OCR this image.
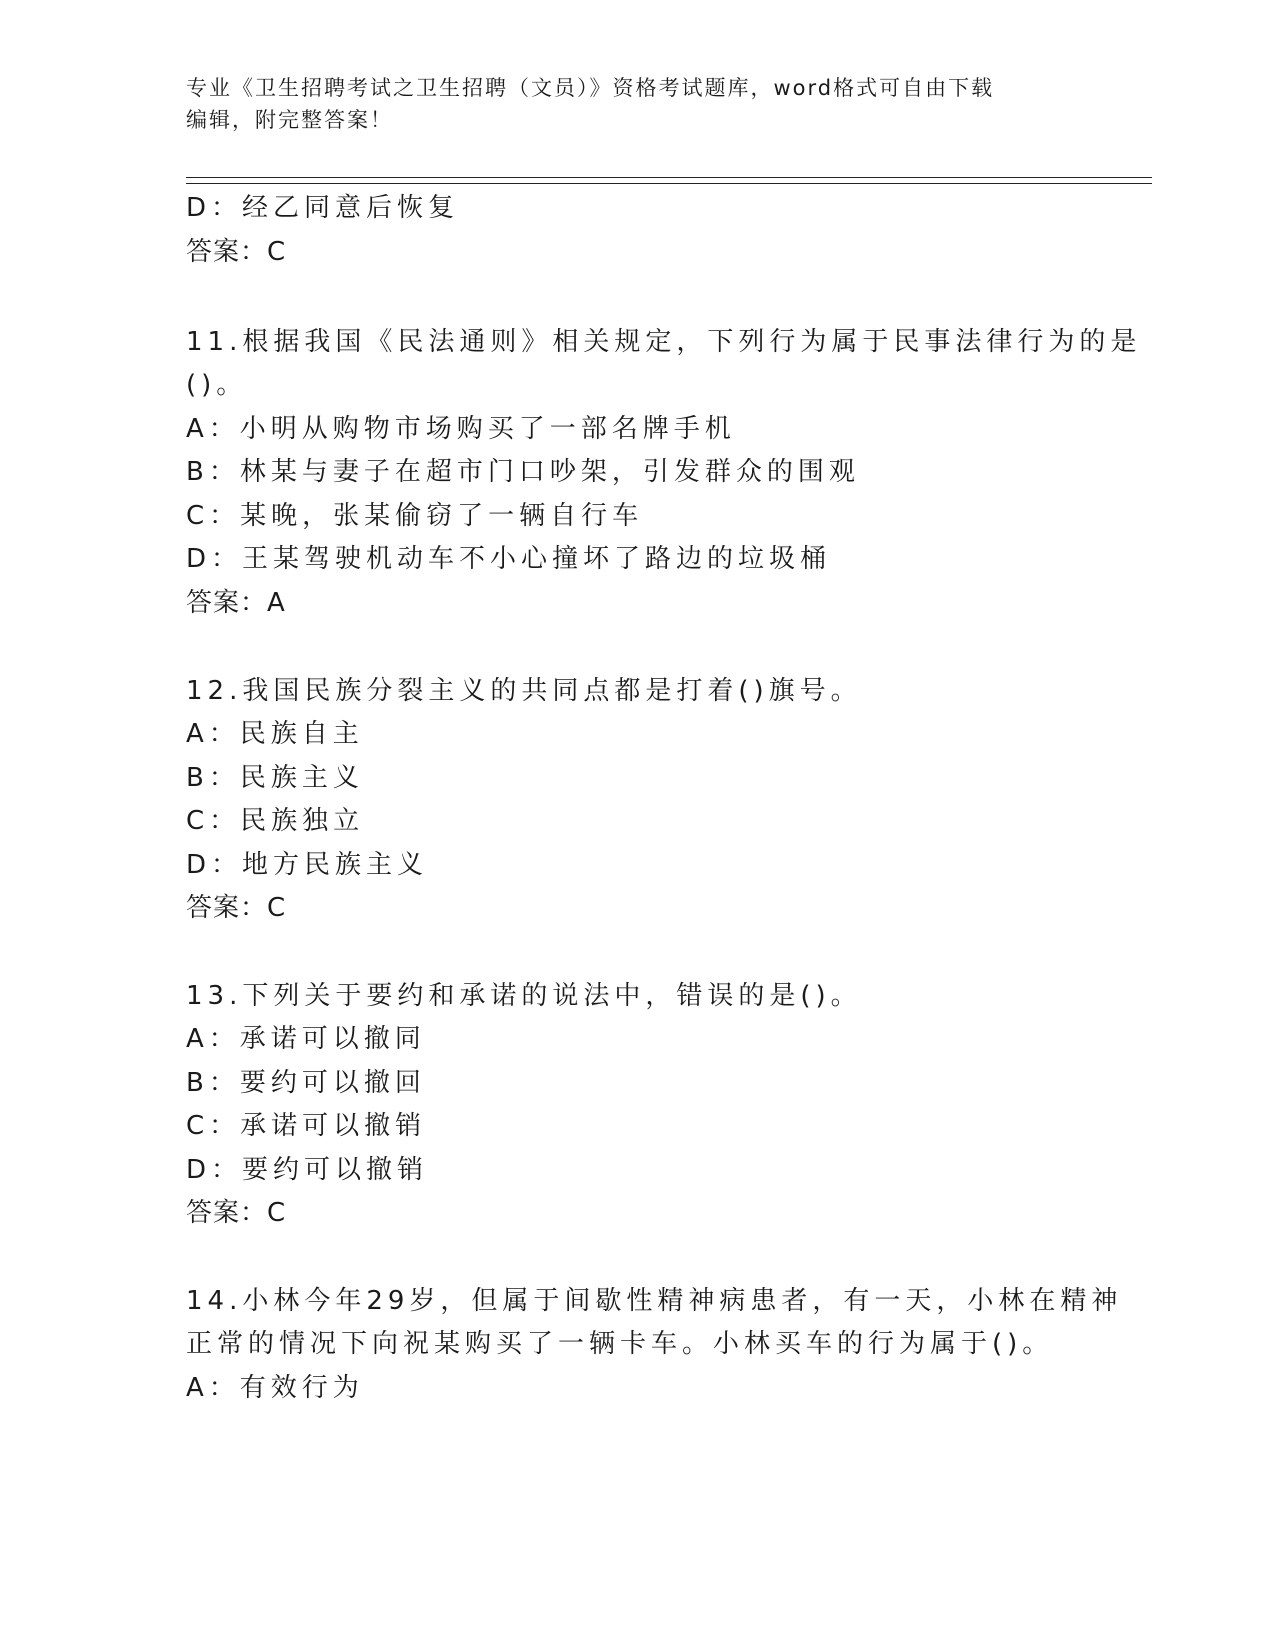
专业《卫生招聘考试之卫生招聘（文员）》资格考试题库，word格式可自由下载
编辑，附完整答案！
D：经乙同意后恢复
答案：C
11.根据我国《民法通则》相关规定，下列行为属于民事法律行为的是
()。
A：小明从购物市场购买了一部名牌手机
B：林某与妻子在超市门口吵架，引发群众的围观
C：某晚，张某偷窃了一辆自行车
D：王某驾驶机动车不小心撞坏了路边的垃圾桶
答案：A
12.我国民族分裂主义的共同点都是打着()旗号。
A：民族自主
B：民族主义
C：民族独立
D：地方民族主义
答案：C
13.下列关于要约和承诺的说法中，错误的是()。
A：承诺可以撤同
B：要约可以撤回
C：承诺可以撤销
D：要约可以撤销
答案：C
14.小林今年29岁，但属于间歇性精神病患者，有一天，小林在精神
正常的情况下向祝某购买了一辆卡车。小林买车的行为属于()。
A：有效行为
